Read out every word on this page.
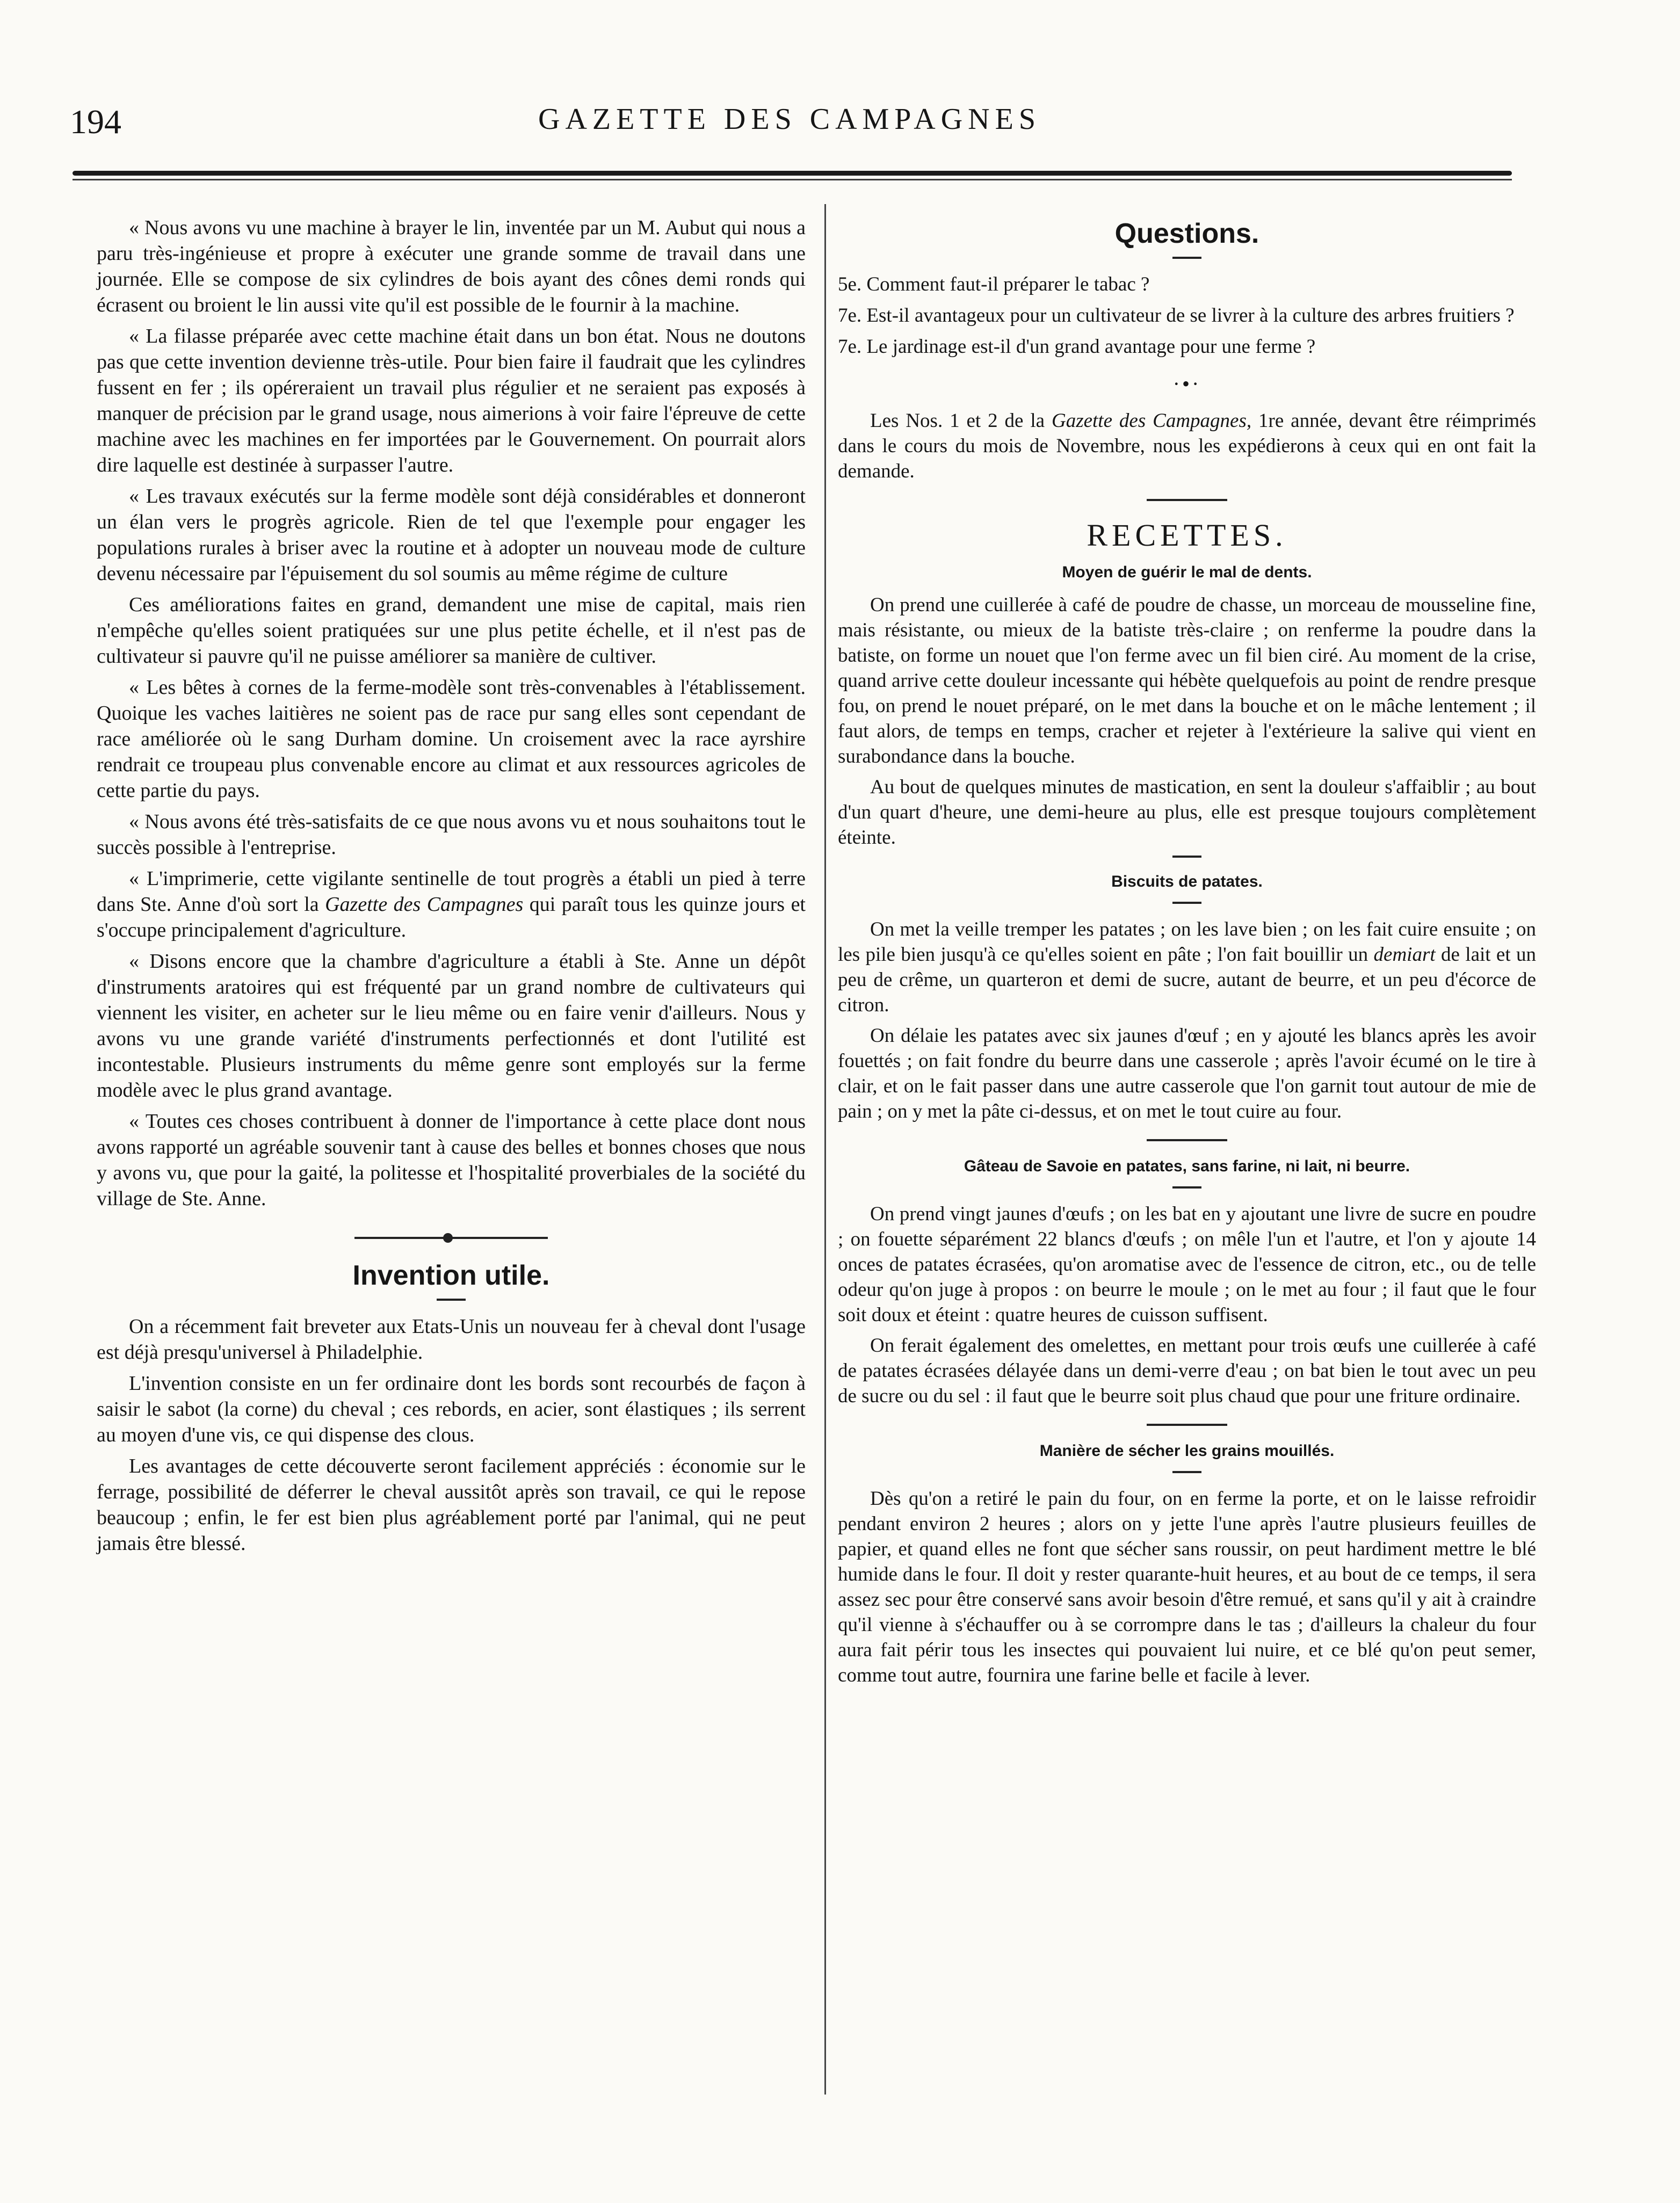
194	GAZETTE DES CAMPAGNES

« Nous avons vu une machine à brayer le lin, inventée par un M. Aubut qui nous a paru très-ingénieuse et propre à exécuter une grande somme de travail dans une journée. Elle se compose de six cylindres de bois ayant des cônes demi ronds qui écrasent ou broient le lin aussi vite qu'il est possible de le fournir à la machine.

« La filasse préparée avec cette machine était dans un bon état. Nous ne doutons pas que cette invention devienne très-utile. Pour bien faire il faudrait que les cylindres fussent en fer ; ils opéreraient un travail plus régulier et ne seraient pas exposés à manquer de précision par le grand usage, nous aimerions à voir faire l'épreuve de cette machine avec les machines en fer importées par le Gouvernement. On pourrait alors dire laquelle est destinée à surpasser l'autre.

« Les travaux exécutés sur la ferme modèle sont déjà considérables et donneront un élan vers le progrès agricole. Rien de tel que l'exemple pour engager les populations rurales à briser avec la routine et à adopter un nouveau mode de culture devenu nécessaire par l'épuisement du sol soumis au même régime de culture

Ces améliorations faites en grand, demandent une mise de capital, mais rien n'empêche qu'elles soient pratiquées sur une plus petite échelle, et il n'est pas de cultivateur si pauvre qu'il ne puisse améliorer sa manière de cultiver.

« Les bêtes à cornes de la ferme-modèle sont très-convenables à l'établissement. Quoique les vaches laitières ne soient pas de race pur sang elles sont cependant de race améliorée où le sang Durham domine. Un croisement avec la race ayrshire rendrait ce troupeau plus convenable encore au climat et aux ressources agricoles de cette partie du pays.

« Nous avons été très-satisfaits de ce que nous avons vu et nous souhaitons tout le succès possible à l'entreprise.

« L'imprimerie, cette vigilante sentinelle de tout progrès a établi un pied à terre dans Ste. Anne d'où sort la Gazette des Campagnes qui paraît tous les quinze jours et s'occupe principalement d'agriculture.

« Disons encore que la chambre d'agriculture a établi à Ste. Anne un dépôt d'instruments aratoires qui est fréquenté par un grand nombre de cultivateurs qui viennent les visiter, en acheter sur le lieu même ou en faire venir d'ailleurs. Nous y avons vu une grande variété d'instruments perfectionnés et dont l'utilité est incontestable. Plusieurs instruments du même genre sont employés sur la ferme modèle avec le plus grand avantage.

« Toutes ces choses contribuent à donner de l'importance à cette place dont nous avons rapporté un agréable souvenir tant à cause des belles et bonnes choses que nous y avons vu, que pour la gaité, la politesse et l'hospitalité proverbiales de la société du village de Ste. Anne.

Invention utile.

On a récemment fait breveter aux Etats-Unis un nouveau fer à cheval dont l'usage est déjà presqu'universel à Philadelphie.

L'invention consiste en un fer ordinaire dont les bords sont recourbés de façon à saisir le sabot (la corne) du cheval ; ces rebords, en acier, sont élastiques ; ils serrent au moyen d'une vis, ce qui dispense des clous.

Les avantages de cette découverte seront facilement appréciés : économie sur le ferrage, possibilité de déferrer le cheval aussitôt après son travail, ce qui le repose beaucoup ; enfin, le fer est bien plus agréablement porté par l'animal, qui ne peut jamais être blessé.

Questions.
5e. Comment faut-il préparer le tabac ?
7e. Est-il avantageux pour un cultivateur de se livrer à la culture des arbres fruitiers ?
7e. Le jardinage est-il d'un grand avantage pour une ferme ?
·•·

Les Nos. 1 et 2 de la Gazette des Campagnes, 1re année, devant être réimprimés dans le cours du mois de Novembre, nous les expédierons à ceux qui en ont fait la demande.

RECETTES.
Moyen de guérir le mal de dents.

On prend une cuillerée à café de poudre de chasse, un morceau de mousseline fine, mais résistante, ou mieux de la batiste très-claire ; on renferme la poudre dans la batiste, on forme un nouet que l'on ferme avec un fil bien ciré. Au moment de la crise, quand arrive cette douleur incessante qui hébète quelquefois au point de rendre presque fou, on prend le nouet préparé, on le met dans la bouche et on le mâche lentement ; il faut alors, de temps en temps, cracher et rejeter à l'extérieure la salive qui vient en surabondance dans la bouche.

Au bout de quelques minutes de mastication, en sent la douleur s'affaiblir ; au bout d'un quart d'heure, une demi-heure au plus, elle est presque toujours complètement éteinte.

Biscuits de patates.

On met la veille tremper les patates ; on les lave bien ; on les fait cuire ensuite ; on les pile bien jusqu'à ce qu'elles soient en pâte ; l'on fait bouillir un demiart de lait et un peu de crême, un quarteron et demi de sucre, autant de beurre, et un peu d'écorce de citron.

On délaie les patates avec six jaunes d'œuf ; en y ajouté les blancs après les avoir fouettés ; on fait fondre du beurre dans une casserole ; après l'avoir écumé on le tire à clair, et on le fait passer dans une autre casserole que l'on garnit tout autour de mie de pain ; on y met la pâte ci-dessus, et on met le tout cuire au four.

Gâteau de Savoie en patates, sans farine, ni lait, ni beurre.

On prend vingt jaunes d'œufs ; on les bat en y ajoutant une livre de sucre en poudre ; on fouette séparément 22 blancs d'œufs ; on mêle l'un et l'autre, et l'on y ajoute 14 onces de patates écrasées, qu'on aromatise avec de l'essence de citron, etc., ou de telle odeur qu'on juge à propos : on beurre le moule ; on le met au four ; il faut que le four soit doux et éteint : quatre heures de cuisson suffisent.

On ferait également des omelettes, en mettant pour trois œufs une cuillerée à café de patates écrasées délayée dans un demi-verre d'eau ; on bat bien le tout avec un peu de sucre ou du sel : il faut que le beurre soit plus chaud que pour une friture ordinaire.

Manière de sécher les grains mouillés.

Dès qu'on a retiré le pain du four, on en ferme la porte, et on le laisse refroidir pendant environ 2 heures ; alors on y jette l'une après l'autre plusieurs feuilles de papier, et quand elles ne font que sécher sans roussir, on peut hardiment mettre le blé humide dans le four. Il doit y rester quarante-huit heures, et au bout de ce temps, il sera assez sec pour être conservé sans avoir besoin d'être remué, et sans qu'il y ait à craindre qu'il vienne à s'échauffer ou à se corrompre dans le tas ; d'ailleurs la chaleur du four aura fait périr tous les insectes qui pouvaient lui nuire, et ce blé qu'on peut semer, comme tout autre, fournira une farine belle et facile à lever.
